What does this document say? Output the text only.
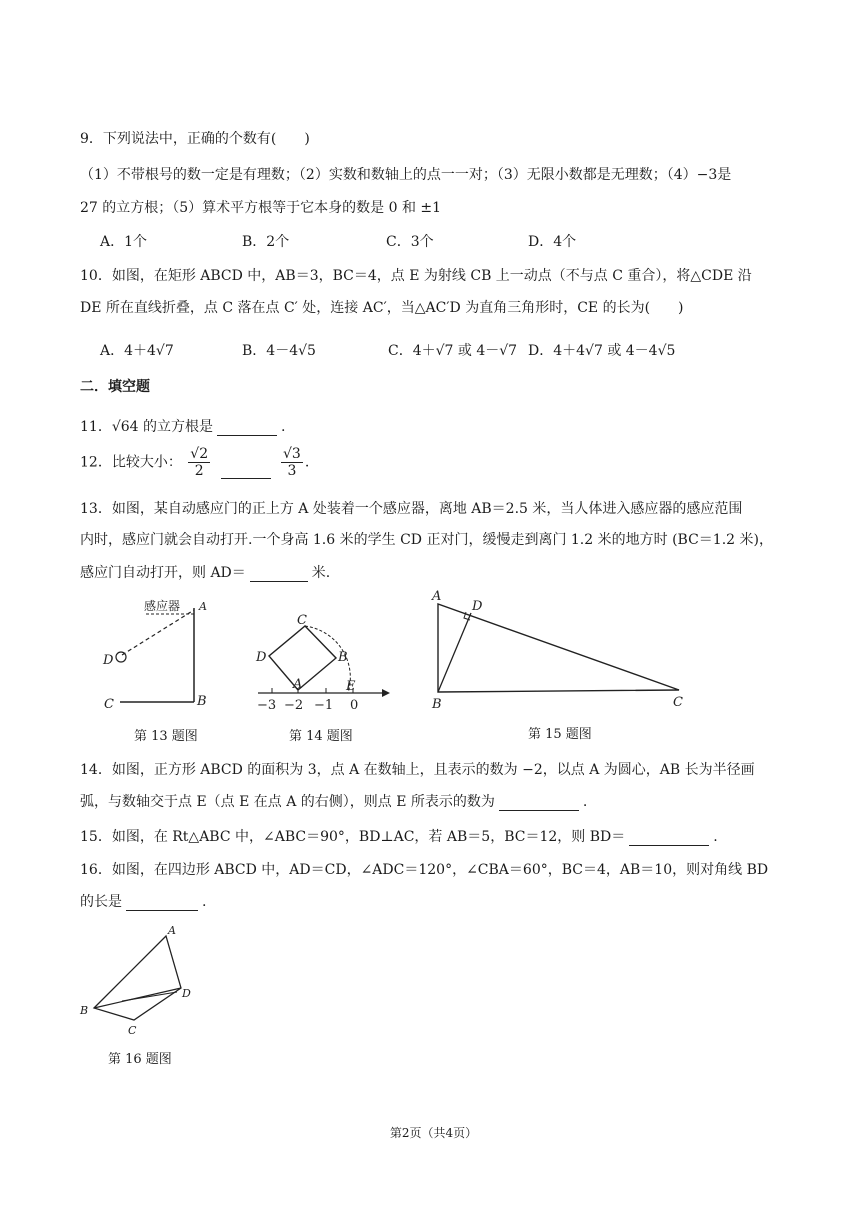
9．下列说法中，正确的个数有(　　)
（1）不带根号的数一定是有理数；（2）实数和数轴上的点一一对；（3）无限小数都是无理数；（4）−3是
27 的立方根；（5）算术平方根等于它本身的数是 0 和 ±1
A．1个	B．2个	C．3个	D．4个
10．如图，在矩形 ABCD 中，AB＝3，BC＝4，点 E 为射线 CB 上一动点（不与点 C 重合），将△CDE 沿
DE 所在直线折叠，点 C 落在点 C′ 处，连接 AC′，当△AC′D 为直角三角形时，CE 的长为(　　)
A．4＋4√7	B．4－4√5	C．4＋√7 或 4－√7 D．4＋4√7 或 4－4√5
二．填空题
11．√64 的立方根是	.
12．比较大小： $\frac{√2}{2}$
	$\frac{√3}{3}$ .
13．如图，某自动感应门的正上方 A 处装着一个感应器，离地 AB＝2.5 米，当人体进入感应器的感应范围
内时，感应门就会自动打开.一个身高 1.6 米的学生 CD 正对门，缓慢走到离门 1.2 米的地方时 (BC＝1.2 米)，
感应门自动打开，则 AD＝	米.
感应器 A
B
C
D
第 13 题图
C
D	B
A	E
−3 −2 −1 0
第 14 题图
A
D
B	C
第 15 题图
14．如图，正方形 ABCD 的面积为 3，点 A 在数轴上，且表示的数为 −2，以点 A 为圆心，AB 长为半径画
弧，与数轴交于点 E（点 E 在点 A 的右侧），则点 E 所表示的数为	.
15．如图，在 Rt△ABC 中，∠ABC＝90°，BD⊥AC，若 AB＝5，BC＝12，则 BD＝	.
16．如图，在四边形 ABCD 中，AD＝CD，∠ADC＝120°，∠CBA＝60°，BC＝4，AB＝10，则对角线 BD
的长是	.
A
D
B
C
第 16 题图
第2页（共4页）
